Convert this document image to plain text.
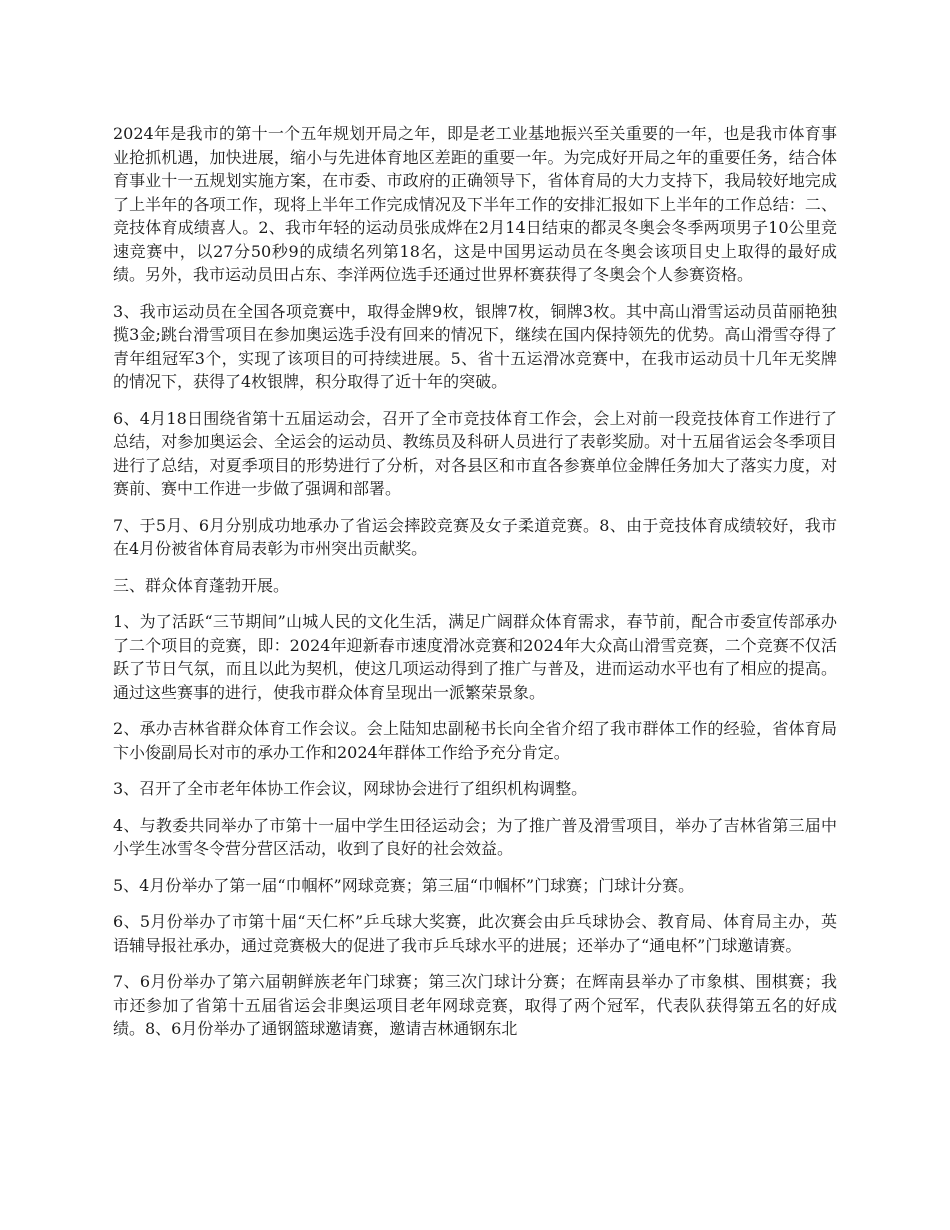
2024年是我市的第十一个五年规划开局之年，即是老工业基地振兴至关重要的一年，也是我市体育事业抢抓机遇，加快进展，缩小与先进体育地区差距的重要一年。为完成好开局之年的重要任务，结合体育事业十一五规划实施方案，在市委、市政府的正确领导下，省体育局的大力支持下，我局较好地完成了上半年的各项工作，现将上半年工作完成情况及下半年工作的安排汇报如下上半年的工作总结：二、竞技体育成绩喜人。2、我市年轻的运动员张成烨在2月14日结束的都灵冬奥会冬季两项男子10公里竞速竞赛中，以27分50秒9的成绩名列第18名，这是中国男运动员在冬奥会该项目史上取得的最好成绩。另外，我市运动员田占东、李洋两位选手还通过世界杯赛获得了冬奥会个人参赛资格。

3、我市运动员在全国各项竞赛中，取得金牌9枚，银牌7枚，铜牌3枚。其中高山滑雪运动员苗丽艳独揽3金;跳台滑雪项目在参加奥运选手没有回来的情况下，继续在国内保持领先的优势。高山滑雪夺得了青年组冠军3个，实现了该项目的可持续进展。5、省十五运滑冰竞赛中，在我市运动员十几年无奖牌的情况下，获得了4枚银牌，积分取得了近十年的突破。

6、4月18日围绕省第十五届运动会，召开了全市竞技体育工作会，会上对前一段竞技体育工作进行了总结，对参加奥运会、全运会的运动员、教练员及科研人员进行了表彰奖励。对十五届省运会冬季项目进行了总结，对夏季项目的形势进行了分析，对各县区和市直各参赛单位金牌任务加大了落实力度，对赛前、赛中工作进一步做了强调和部署。

7、于5月、6月分别成功地承办了省运会摔跤竞赛及女子柔道竞赛。8、由于竞技体育成绩较好，我市在4月份被省体育局表彰为市州突出贡献奖。

三、群众体育蓬勃开展。

1、为了活跃“三节期间”山城人民的文化生活，满足广阔群众体育需求，春节前，配合市委宣传部承办了二个项目的竞赛，即：2024年迎新春市速度滑冰竞赛和2024年大众高山滑雪竞赛，二个竞赛不仅活跃了节日气氛，而且以此为契机，使这几项运动得到了推广与普及，进而运动水平也有了相应的提高。通过这些赛事的进行，使我市群众体育呈现出一派繁荣景象。

2、承办吉林省群众体育工作会议。会上陆知忠副秘书长向全省介绍了我市群体工作的经验，省体育局卞小俊副局长对市的承办工作和2024年群体工作给予充分肯定。

3、召开了全市老年体协工作会议，网球协会进行了组织机构调整。

4、与教委共同举办了市第十一届中学生田径运动会；为了推广普及滑雪项目，举办了吉林省第三届中小学生冰雪冬令营分营区活动，收到了良好的社会效益。

5、4月份举办了第一届“巾帼杯”网球竞赛；第三届“巾帼杯”门球赛；门球计分赛。

6、5月份举办了市第十届“天仁杯”乒乓球大奖赛，此次赛会由乒乓球协会、教育局、体育局主办，英语辅导报社承办，通过竞赛极大的促进了我市乒乓球水平的进展；还举办了“通电杯”门球邀请赛。

7、6月份举办了第六届朝鲜族老年门球赛；第三次门球计分赛；在辉南县举办了市象棋、围棋赛；我市还参加了省第十五届省运会非奥运项目老年网球竞赛，取得了两个冠军，代表队获得第五名的好成绩。8、6月份举办了通钢篮球邀请赛，邀请吉林通钢东北
